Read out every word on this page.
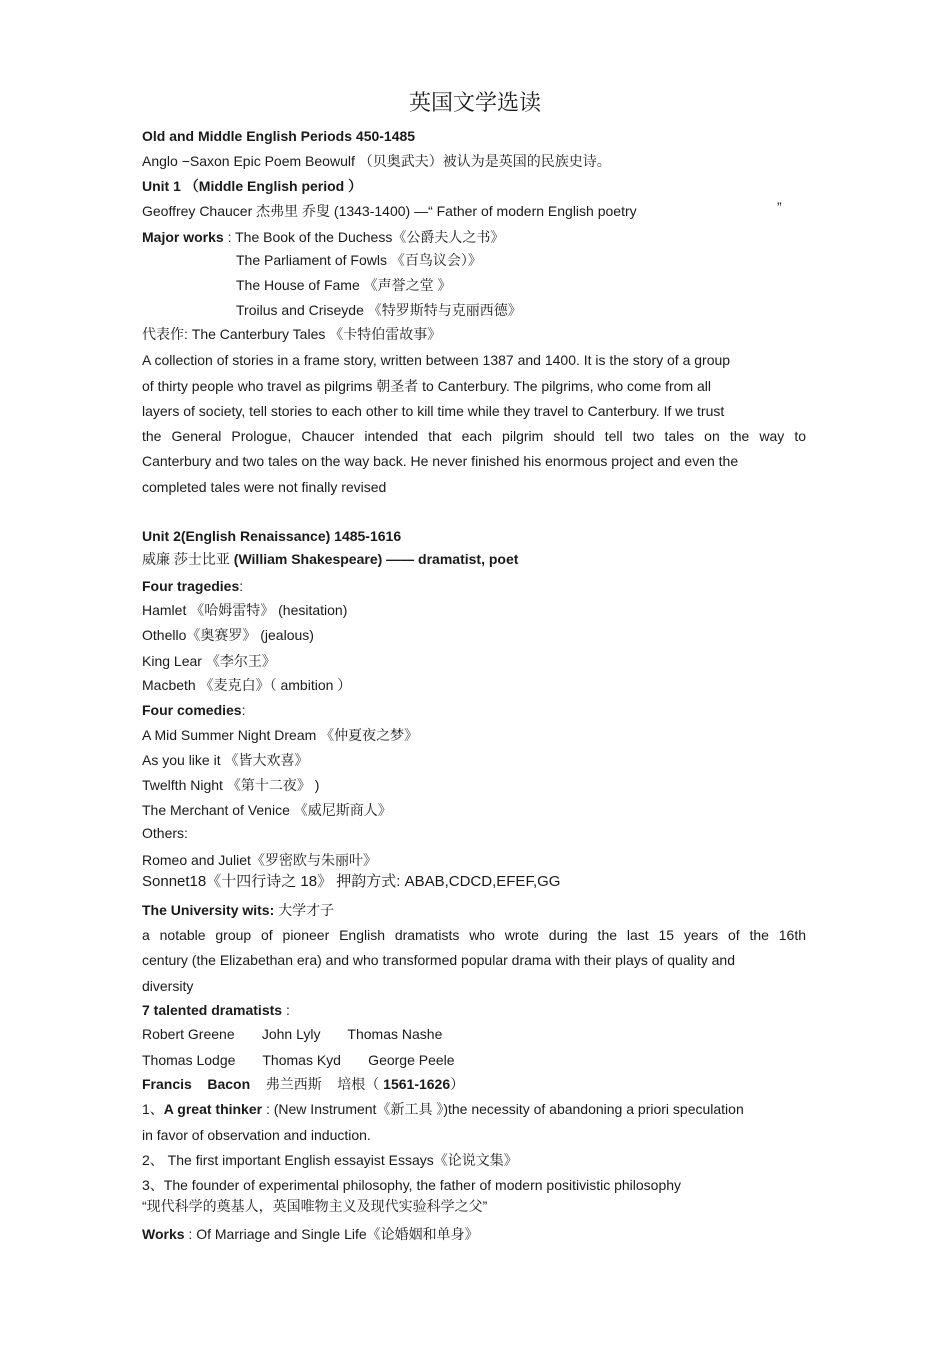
英国文学选读
Old and Middle English Periods 450-1485
Anglo −Saxon Epic Poem Beowulf （贝奥武夫）被认为是英国的民族史诗。
Unit 1 （Middle English period ）
Geoffrey Chaucer 杰弗里 乔叟 (1343-1400) —“ Father of modern English poetry	”
Major works : The Book of the Duchess《公爵夫人之书》
The Parliament of Fowls 《百鸟议会）》
The House of Fame 《声誉之堂 》
Troilus and Criseyde 《特罗斯特与克丽西德》
代表作: The Canterbury Tales 《卡特伯雷故事》
A collection of stories in a frame story, written between 1387 and 1400. It is the story of a group
of thirty people who travel as pilgrims 朝圣者 to Canterbury. The pilgrims, who come from all
layers of society, tell stories to each other to kill time while they travel to Canterbury. If we trust
the General Prologue, Chaucer intended that each pilgrim should tell two tales on the way to
Canterbury and two tales on the way back. He never finished his enormous project and even the
completed tales were not finally revised
Unit 2(English Renaissance) 1485-1616
威廉 莎士比亚 (William Shakespeare) —— dramatist, poet
Four tragedies:
Hamlet 《哈姆雷特》 (hesitation)
Othello《奥赛罗》 (jealous)
King Lear 《李尔王》
Macbeth 《麦克白》（ ambition ）
Four comedies:
A Mid Summer Night Dream 《仲夏夜之梦》
As you like it 《皆大欢喜》
Twelfth Night 《第十二夜》 )
The Merchant of Venice 《威尼斯商人》
Others:
Romeo and Juliet《罗密欧与朱丽叶》
Sonnet18《十四行诗之 18》 押韵方式: ABAB,CDCD,EFEF,GG
The University wits: 大学才子
a notable group of pioneer English dramatists who wrote during the last 15 years of the 16th
century (the Elizabethan era) and who transformed popular drama with their plays of quality and
diversity
7 talented dramatists :
Robert Greene       John Lyly       Thomas Nashe
Thomas Lodge       Thomas Kyd       George Peele
Francis    Bacon    弗兰西斯    培根（ 1561-1626）
1、A great thinker : (New Instrument《新工具 》)the necessity of abandoning a priori speculation
in favor of observation and induction.
2、 The first important English essayist Essays《论说文集》
3、The founder of experimental philosophy, the father of modern positivistic philosophy
“现代科学的奠基人，英国唯物主义及现代实验科学之父”
Works : Of Marriage and Single Life《论婚姻和单身》
